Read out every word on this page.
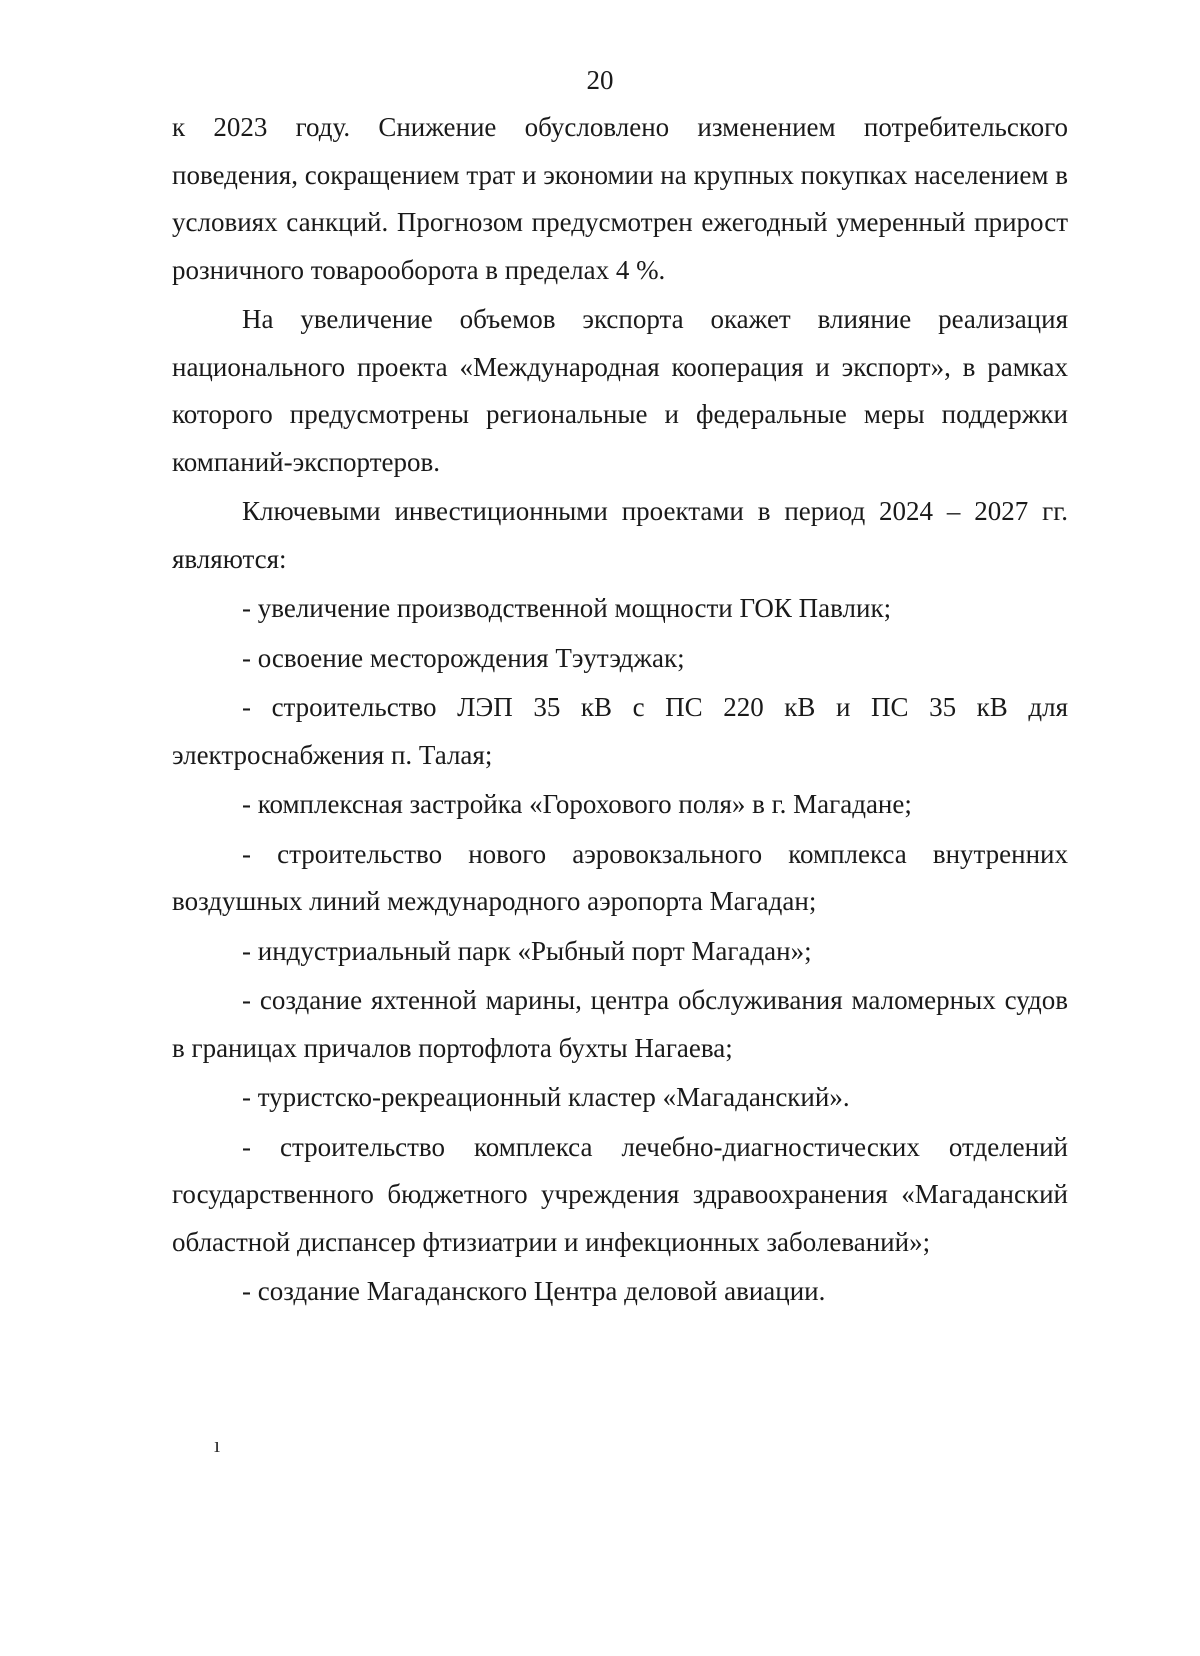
20

к 2023 году. Снижение обусловлено изменением потребительского поведения, сокращением трат и экономии на крупных покупках населением в условиях санкций. Прогнозом предусмотрен ежегодный умеренный прирост розничного товарооборота в пределах 4 %.

На увеличение объемов экспорта окажет влияние реализация национального проекта «Международная кооперация и экспорт», в рамках которого предусмотрены региональные и федеральные меры поддержки компаний-экспортеров.

Ключевыми инвестиционными проектами в период 2024 – 2027 гг. являются:

- увеличение производственной мощности ГОК Павлик;

- освоение месторождения Тэутэджак;

- строительство ЛЭП 35 кВ с ПС 220 кВ и ПС 35 кВ для электроснабжения п. Талая;

- комплексная застройка «Горохового поля» в г. Магадане;

- строительство нового аэровокзального комплекса внутренних воздушных линий международного аэропорта Магадан;

- индустриальный парк «Рыбный порт Магадан»;

- создание яхтенной марины, центра обслуживания маломерных судов в границах причалов портофлота бухты Нагаева;

- туристско-рекреационный кластер «Магаданский».

- строительство комплекса лечебно-диагностических отделений государственного бюджетного учреждения здравоохранения «Магаданский областной диспансер фтизиатрии и инфекционных заболеваний»;

- создание Магаданского Центра деловой авиации.

ı
